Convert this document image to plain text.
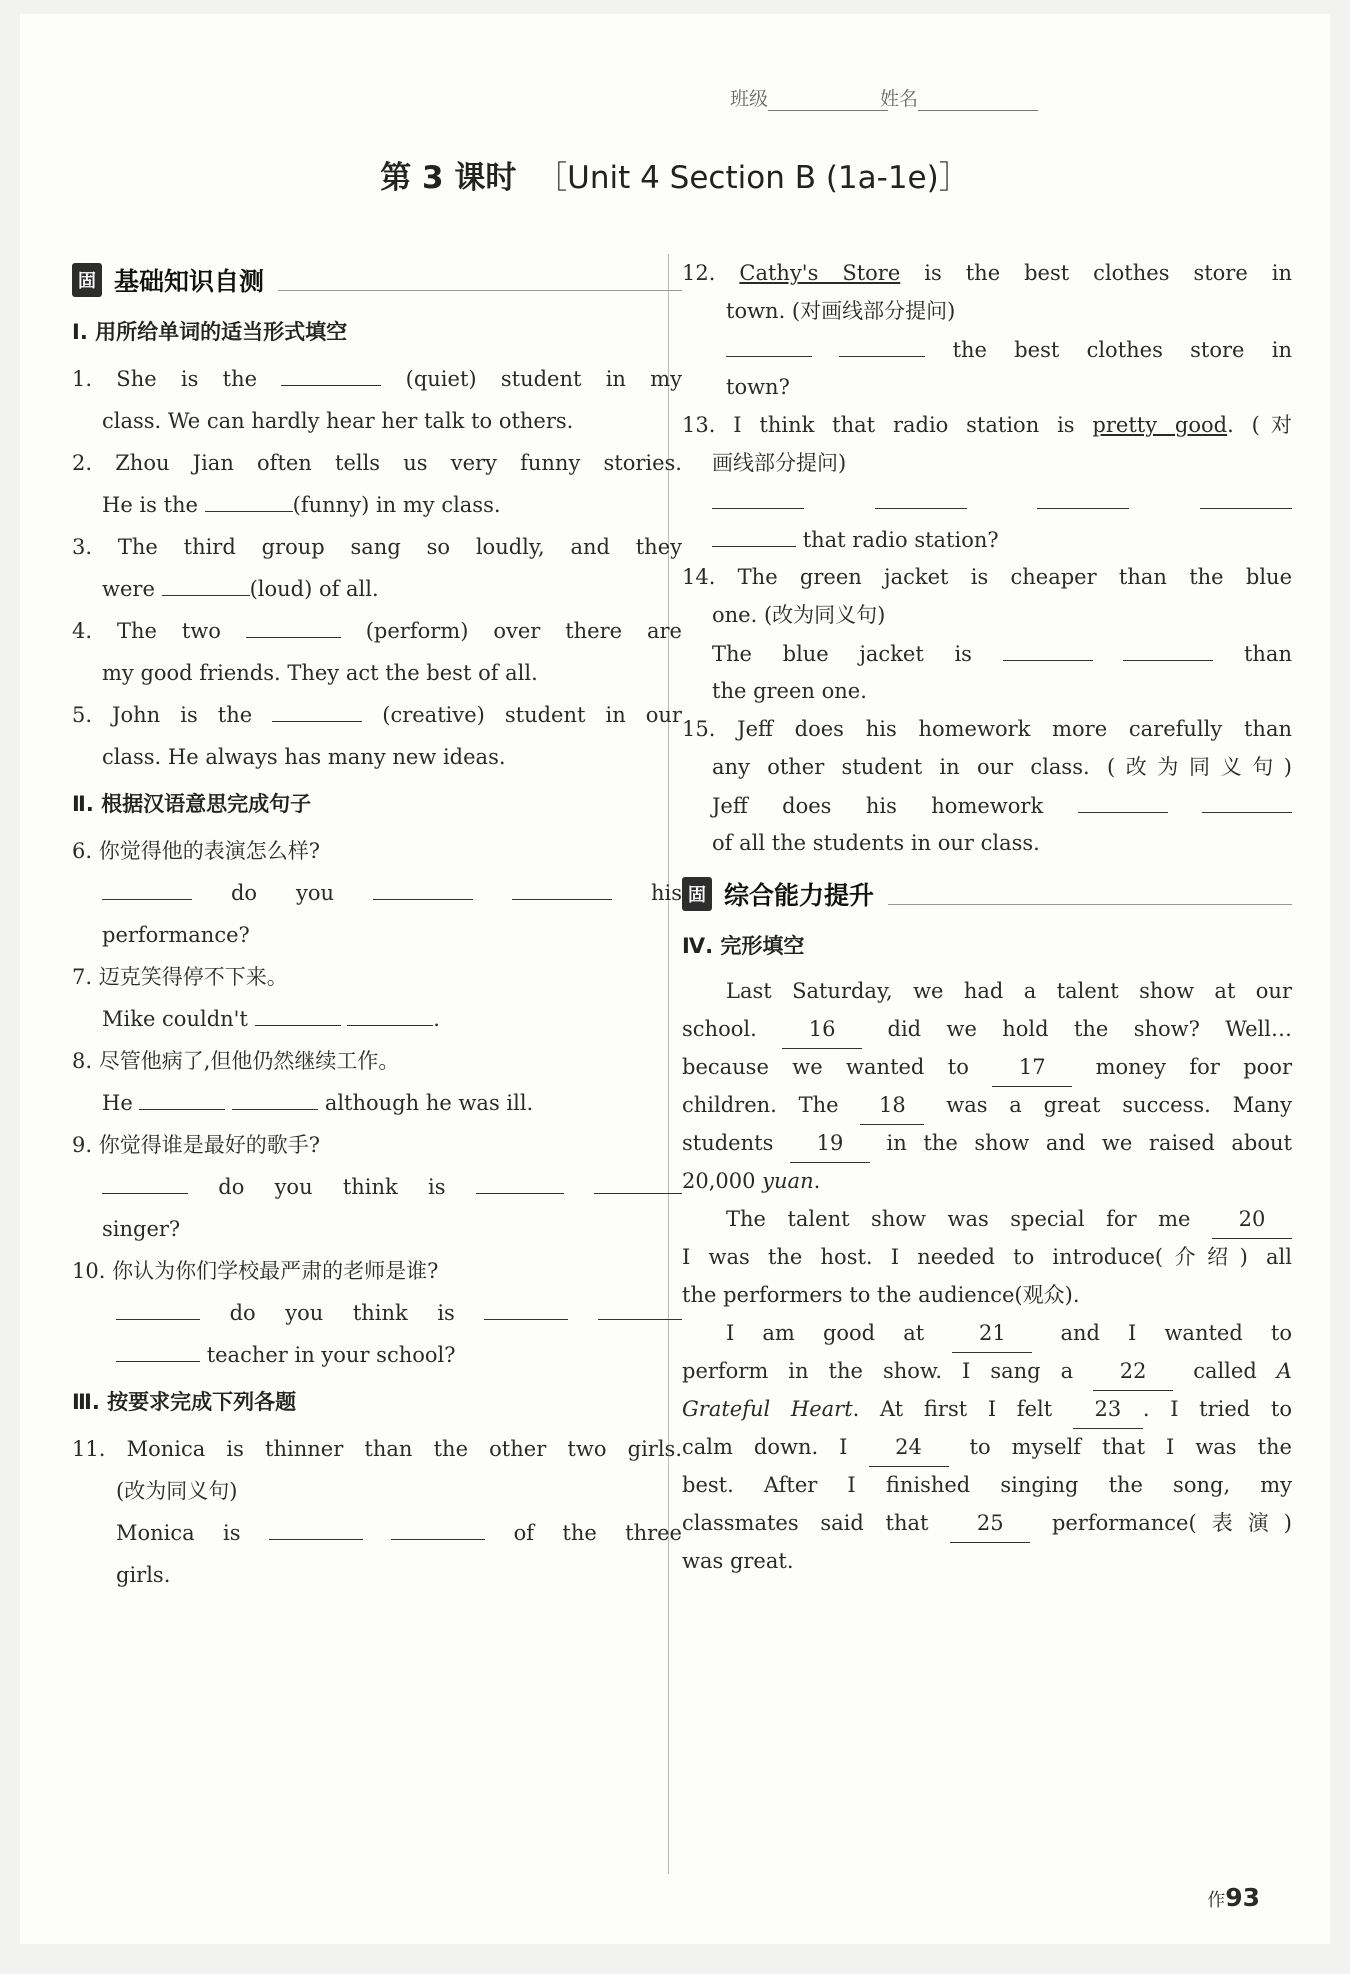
班级	姓名
第 3 课时 ［Unit 4 Section B (1a-1e)］
固 基础知识自测
Ⅰ. 用所给单词的适当形式填空
1. She is the	(quiet) student in my
class. We can hardly hear her talk to others.
2. Zhou Jian often tells us very funny stories.
He is the	(funny) in my class.
3. The third group sang so loudly, and they
were	(loud) of all.
4. The two	(perform) over there are
my good friends. They act the best of all.
5. John is the	(creative) student in our
class. He always has many new ideas.
Ⅱ. 根据汉语意思完成句子
6. 你觉得他的表演怎么样?
do you	his
performance?
7. 迈克笑得停不下来。
Mike couldn't	.
8. 尽管他病了,但他仍然继续工作。
He	although he was ill.
9. 你觉得谁是最好的歌手?
do you think is
singer?
10. 你认为你们学校最严肃的老师是谁?
do you think is
teacher in your school?
Ⅲ. 按要求完成下列各题
11. Monica is thinner than the other two girls.
(改为同义句)
Monica is	of the three
girls.
12. Cathy's Store is the best clothes store in
town. (对画线部分提问)
the best clothes store in
town?
13. I think that radio station is pretty good. (对
画线部分提问)

that radio station?
14. The green jacket is cheaper than the blue
one. (改为同义句)
The blue jacket is	than
the green one.
15. Jeff does his homework more carefully than
any other student in our class. (改为同义句)
Jeff does his homework
of all the students in our class.
固 综合能力提升
Ⅳ. 完形填空
Last Saturday, we had a talent show at our
school. 16 did we hold the show? Well…
because we wanted to 17 money for poor
children. The 18 was a great success. Many
students 19 in the show and we raised about
20,000 yuan.
The talent show was special for me 20
I was the host. I needed to introduce(介绍) all
the performers to the audience(观众).
I am good at	21	and I wanted to
perform in the show. I sang a 22 called A
Grateful Heart. At first I felt 23 . I tried to
calm down. I 24 to myself that I was the
best. After I finished singing the song, my
classmates said that 25 performance(表演)
was great.
作93
